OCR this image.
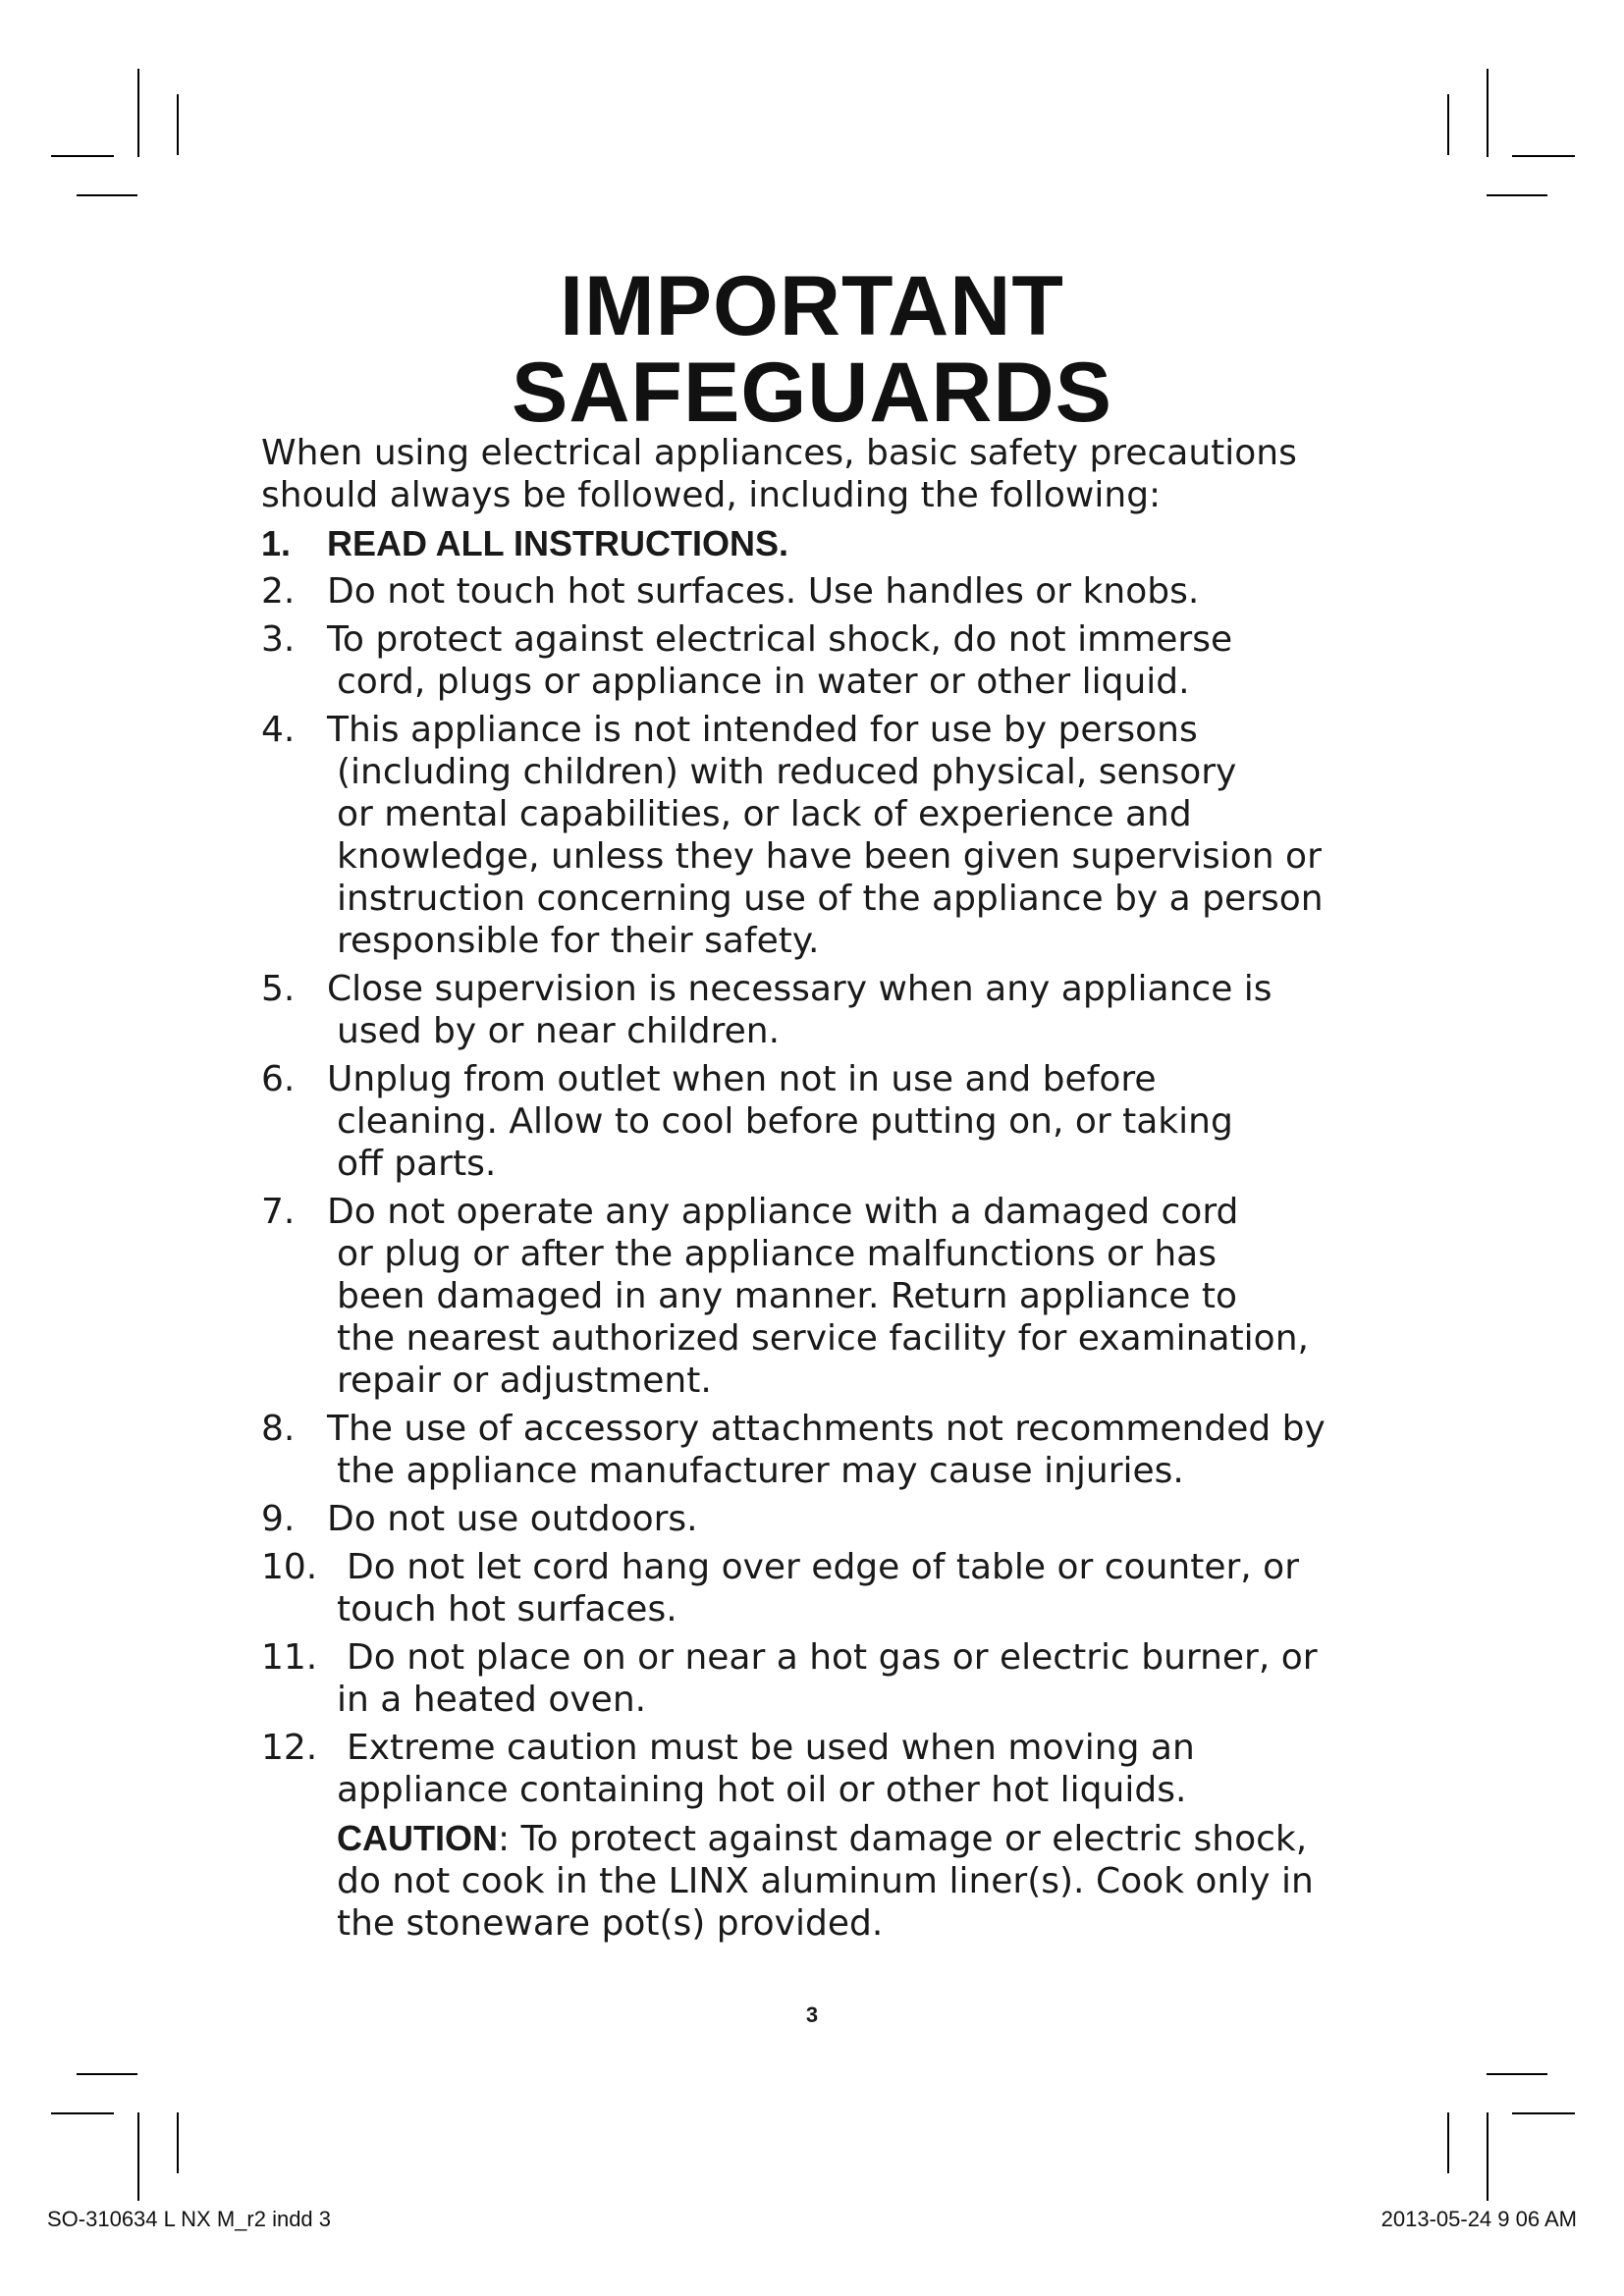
IMPORTANT
SAFEGUARDS
When using electrical appliances, basic safety precautions
should always be followed, including the following:
1. READ ALL INSTRUCTIONS.
2. Do not touch hot surfaces. Use handles or knobs.
3. To protect against electrical shock, do not immerse
cord, plugs or appliance in water or other liquid.
4. This appliance is not intended for use by persons
(including children) with reduced physical, sensory
or mental capabilities, or lack of experience and
knowledge, unless they have been given supervision or
instruction concerning use of the appliance by a person
responsible for their safety.
5. Close supervision is necessary when any appliance is
used by or near children.
6. Unplug from outlet when not in use and before
cleaning. Allow to cool before putting on, or taking
off parts.
7. Do not operate any appliance with a damaged cord
or plug or after the appliance malfunctions or has
been damaged in any manner. Return appliance to
the nearest authorized service facility for examination,
repair or adjustment.
8. The use of accessory attachments not recommended by
the appliance manufacturer may cause injuries.
9. Do not use outdoors.
10. Do not let cord hang over edge of table or counter, or
touch hot surfaces.
11. Do not place on or near a hot gas or electric burner, or
in a heated oven.
12. Extreme caution must be used when moving an
appliance containing hot oil or other hot liquids.
CAUTION: To protect against damage or electric shock,
do not cook in the LINX aluminum liner(s). Cook only in
the stoneware pot(s) provided.
3
SO-310634 L NX M_r2 indd 3	2013-05-24 9 06 AM
